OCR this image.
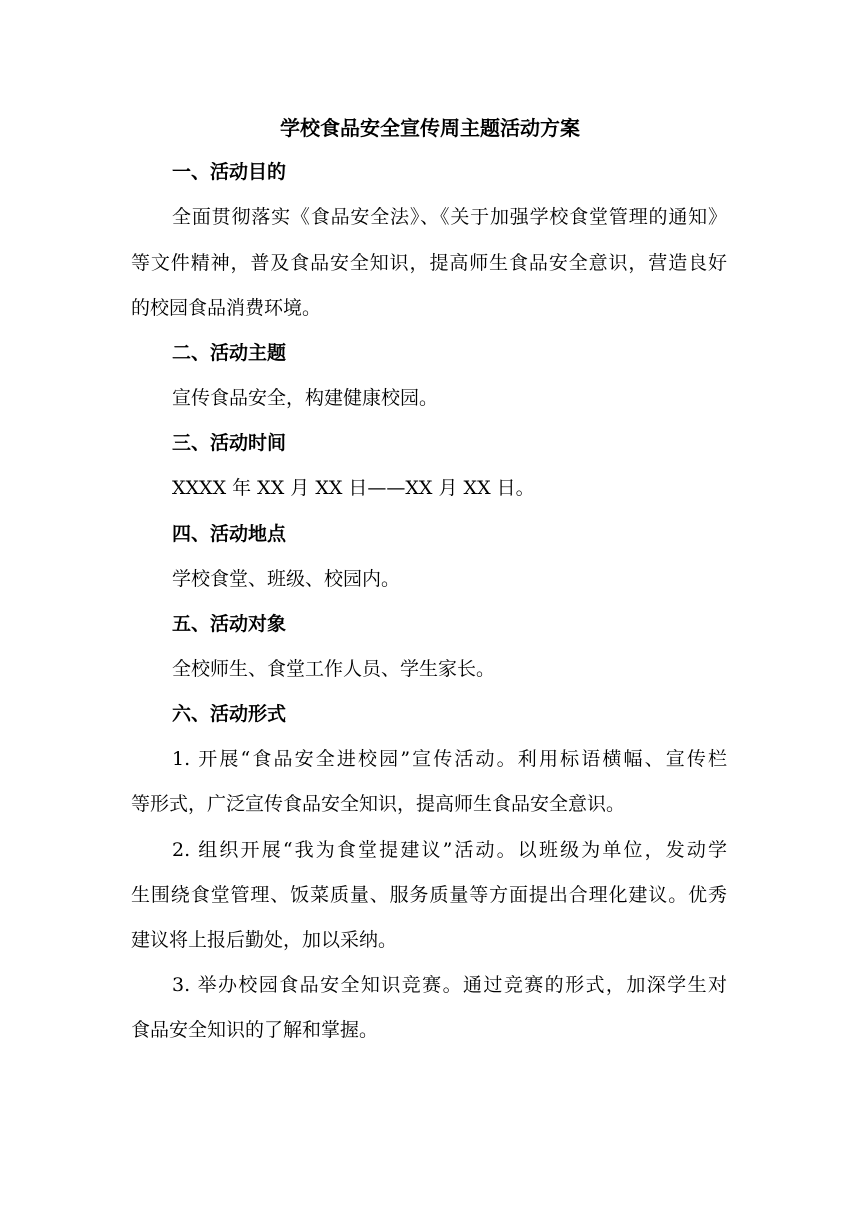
学校食品安全宣传周主题活动方案
一、活动目的
全面贯彻落实《食品安全法》、《关于加强学校食堂管理的通知》
等文件精神，普及食品安全知识，提高师生食品安全意识，营造良好
的校园食品消费环境。
二、活动主题
宣传食品安全，构建健康校园。
三、活动时间
XXXX 年 XX 月 XX 日——XX 月 XX 日。
四、活动地点
学校食堂、班级、校园内。
五、活动对象
全校师生、食堂工作人员、学生家长。
六、活动形式
1. 开展“食品安全进校园”宣传活动。利用标语横幅、宣传栏
等形式，广泛宣传食品安全知识，提高师生食品安全意识。
2. 组织开展“我为食堂提建议”活动。以班级为单位，发动学
生围绕食堂管理、饭菜质量、服务质量等方面提出合理化建议。优秀
建议将上报后勤处，加以采纳。
3. 举办校园食品安全知识竞赛。通过竞赛的形式，加深学生对
食品安全知识的了解和掌握。
